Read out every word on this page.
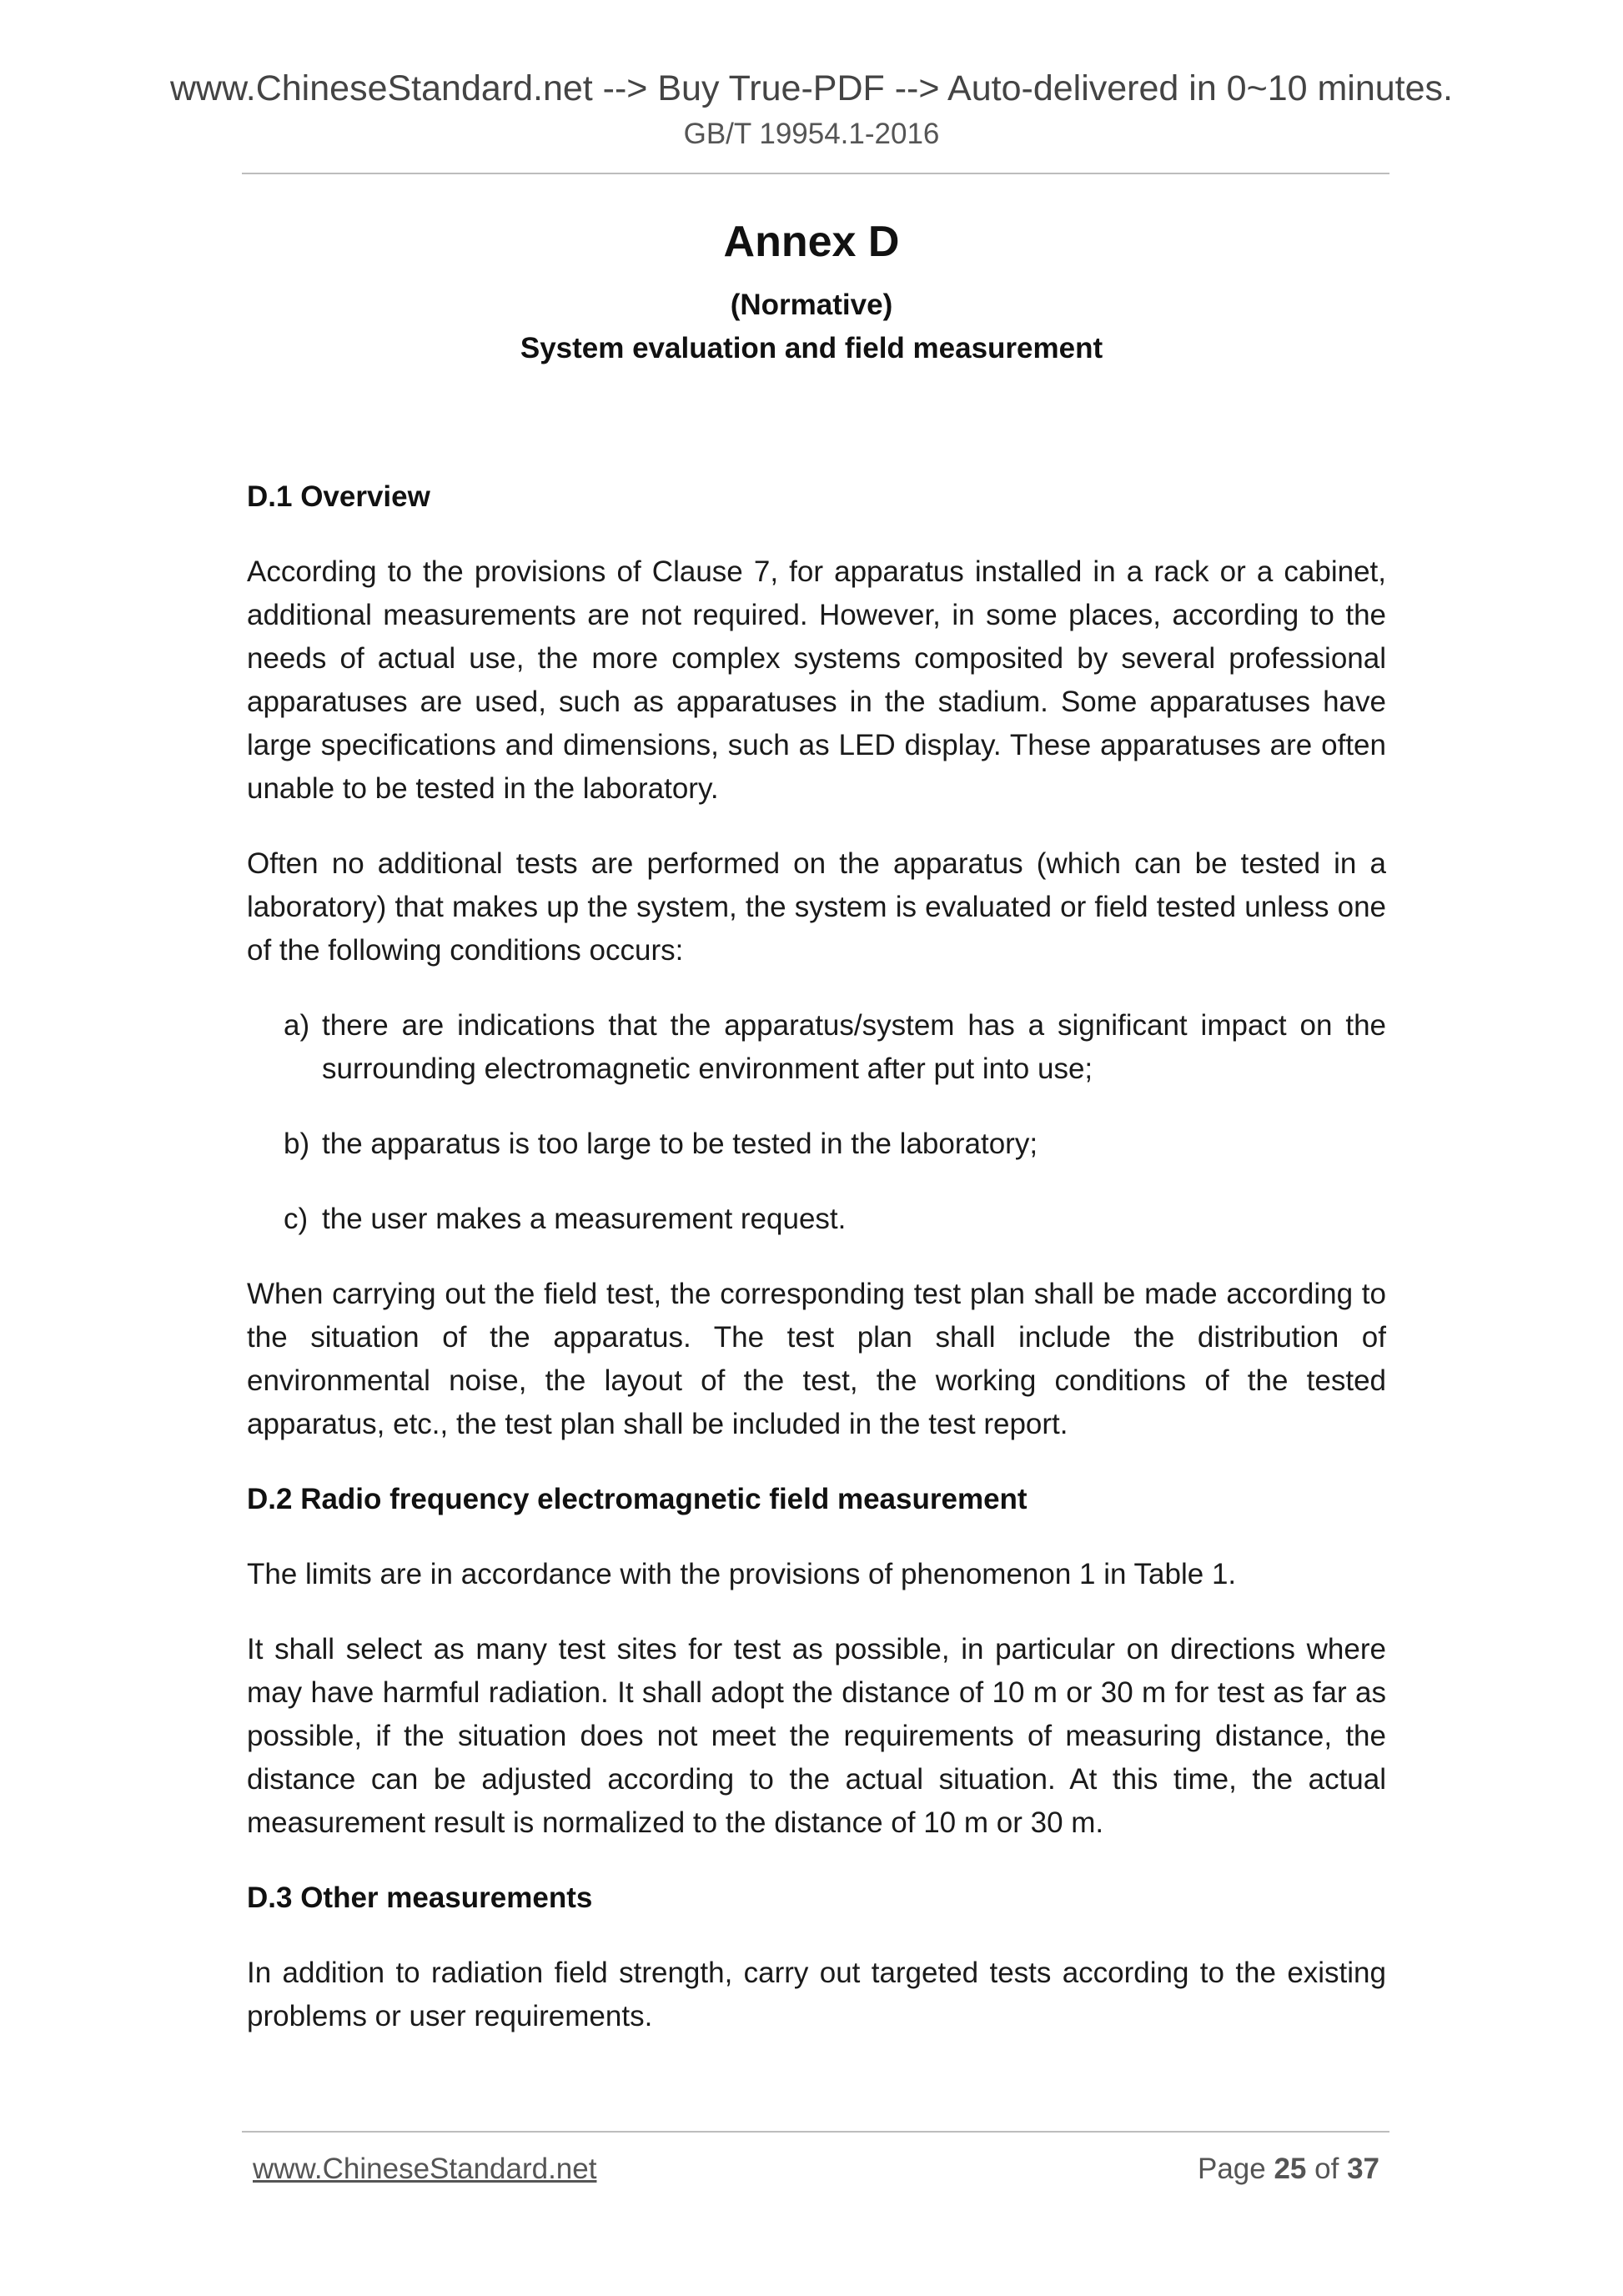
www.ChineseStandard.net --> Buy True-PDF --> Auto-delivered in 0~10 minutes.
GB/T 19954.1-2016
Annex D
(Normative)
System evaluation and field measurement
D.1 Overview

According to the provisions of Clause 7, for apparatus installed in a rack or a cabinet, additional measurements are not required. However, in some places, according to the needs of actual use, the more complex systems composited by several professional apparatuses are used, such as apparatuses in the stadium. Some apparatuses have large specifications and dimensions, such as LED display. These apparatuses are often unable to be tested in the laboratory.

Often no additional tests are performed on the apparatus (which can be tested in a laboratory) that makes up the system, the system is evaluated or field tested unless one of the following conditions occurs:

a) there are indications that the apparatus/system has a significant impact on the surrounding electromagnetic environment after put into use;
b) the apparatus is too large to be tested in the laboratory;
c) the user makes a measurement request.

When carrying out the field test, the corresponding test plan shall be made according to the situation of the apparatus. The test plan shall include the distribution of environmental noise, the layout of the test, the working conditions of the tested apparatus, etc., the test plan shall be included in the test report.

D.2 Radio frequency electromagnetic field measurement

The limits are in accordance with the provisions of phenomenon 1 in Table 1.

It shall select as many test sites for test as possible, in particular on directions where may have harmful radiation. It shall adopt the distance of 10 m or 30 m for test as far as possible, if the situation does not meet the requirements of measuring distance, the distance can be adjusted according to the actual situation. At this time, the actual measurement result is normalized to the distance of 10 m or 30 m.

D.3 Other measurements

In addition to radiation field strength, carry out targeted tests according to the existing problems or user requirements.

www.ChineseStandard.net	Page 25 of 37
